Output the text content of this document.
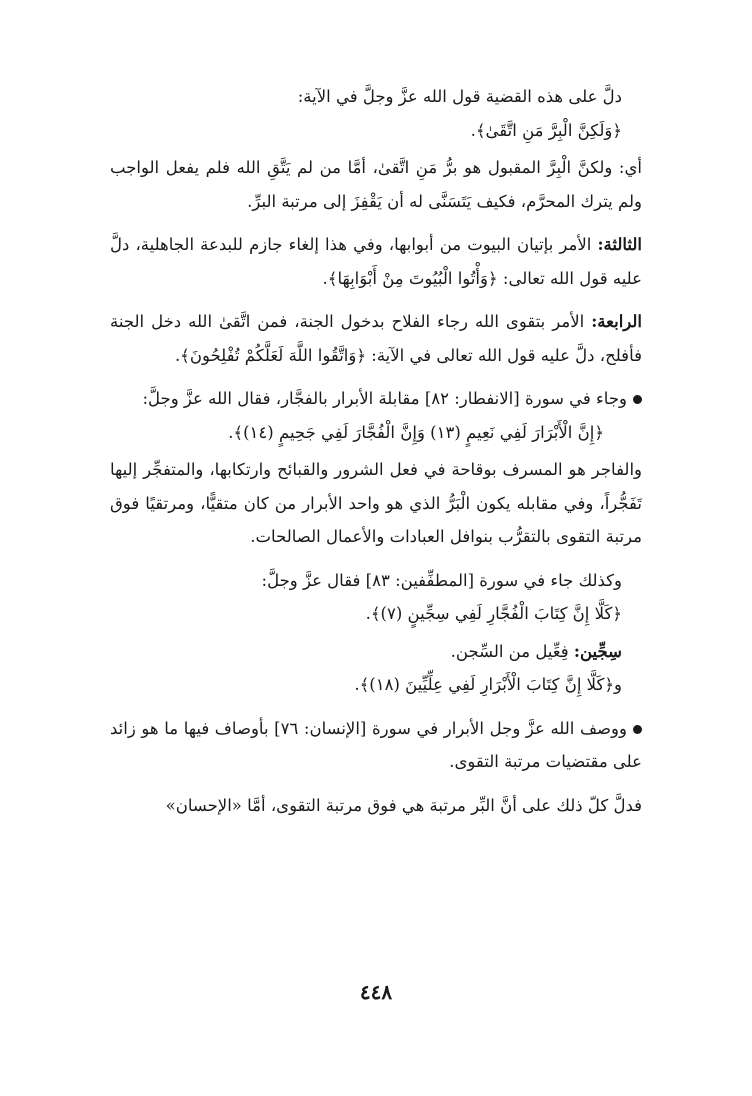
دلَّ على هذه القضية قول الله عزَّ وجلَّ في الآية:
﴿وَلَكِنَّ الْبِرَّ مَنِ اتَّقَىٰ﴾.

أي: ولكنَّ الْبِرَّ المقبول هو برُّ مَنِ اتَّقىٰ، أمَّا من لم يَتَّقِ الله فلم يفعل الواجب ولم يترك المحرَّم، فكيف يَتَسَنَّى له أن يَقْفِزَ إلى مرتبة البرِّ.

الثالثة: الأمر بإتيان البيوت من أبوابها، وفي هذا إلغاء جازم للبدعة الجاهلية، دلَّ عليه قول الله تعالى: ﴿وَأْتُوا الْبُيُوتَ مِنْ أَبْوَابِهَا﴾.

الرابعة: الأمر بتقوى الله رجاء الفلاح بدخول الجنة، فمن اتَّقىٰ الله دخل الجنة فأفلح، دلَّ عليه قول الله تعالى في الآية: ﴿وَاتَّقُوا اللَّهَ لَعَلَّكُمْ تُفْلِحُونَ﴾.

وجاء في سورة [الانفطار: ٨٢] مقابلة الأبرار بالفجَّار، فقال الله عزَّ وجلَّ:
﴿إِنَّ الْأَبْرَارَ لَفِي نَعِيمٍ (١٣) وَإِنَّ الْفُجَّارَ لَفِي جَحِيمٍ (١٤)﴾.

والفاجر هو المسرف بوقاحة في فعل الشرور والقبائح وارتكابها، والمتفجِّر إليها تَفَجُّراً، وفي مقابله يكون الْبَرُّ الذي هو واحد الأبرار من كان متقيًّا، ومرتقيًا فوق مرتبة التقوى بالتقرُّب بنوافل العبادات والأعمال الصالحات.

وكذلك جاء في سورة [المطفِّفين: ٨٣] فقال عزَّ وجلَّ:
﴿كَلَّا إِنَّ كِتَابَ الْفُجَّارِ لَفِي سِجِّينٍ (٧)﴾.
سِجِّين: فِعِّيل من السِّجن.
و﴿كَلَّا إِنَّ كِتَابَ الْأَبْرَارِ لَفِي عِلِّيِّينَ (١٨)﴾.
ووصف الله عزَّ وجل الأبرار في سورة [الإنسان: ٧٦] بأوصاف فيها ما هو زائد على مقتضيات مرتبة التقوى.

فدلَّ كلّ ذلك على أنَّ البِّر مرتبة هي فوق مرتبة التقوى، أمَّا «الإحسان»

٤٤٨
